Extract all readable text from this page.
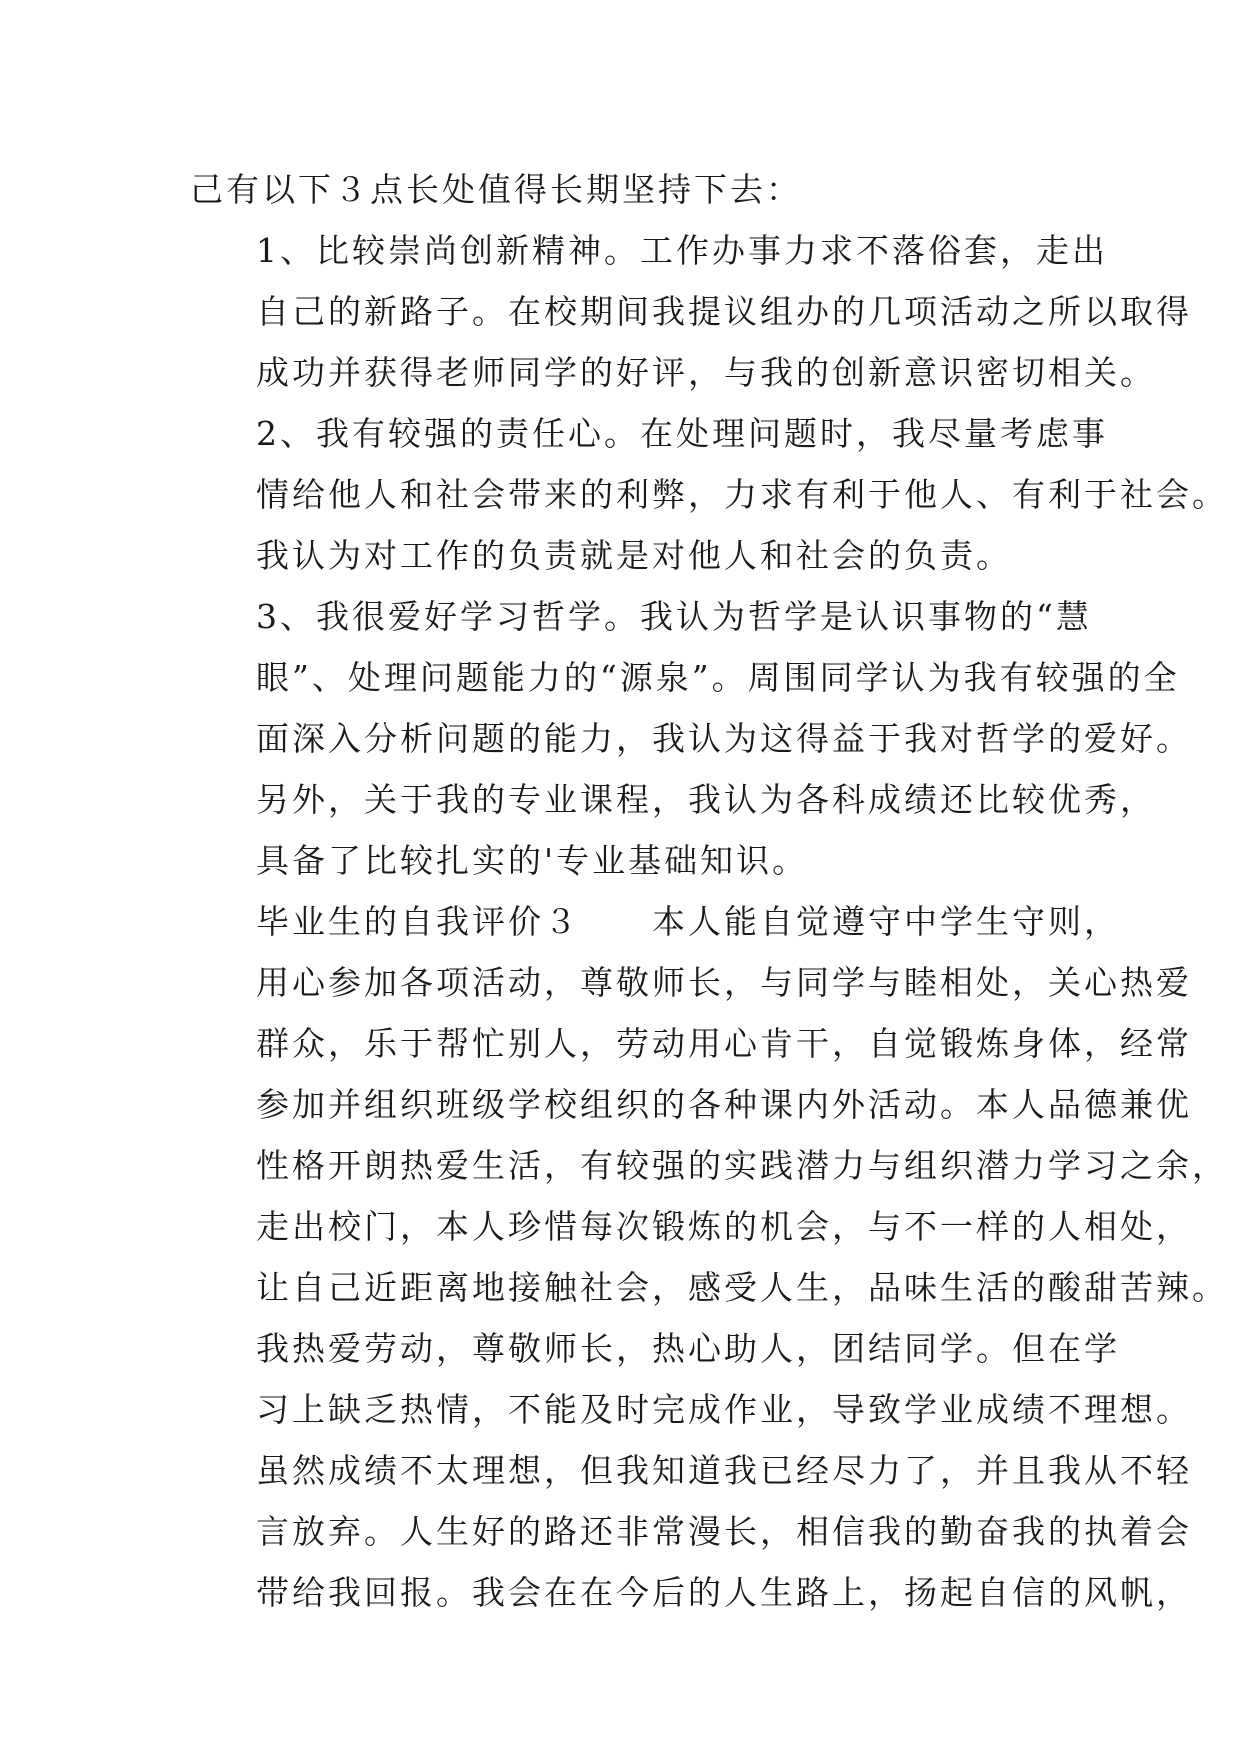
己有以下３点长处值得长期坚持下去：

1、比较崇尚创新精神。工作办事力求不落俗套，走出
自己的新路子。在校期间我提议组办的几项活动之所以取得
成功并获得老师同学的好评，与我的创新意识密切相关。

2、我有较强的责任心。在处理问题时，我尽量考虑事
情给他人和社会带来的利弊，力求有利于他人、有利于社会。
我认为对工作的负责就是对他人和社会的负责。

3、我很爱好学习哲学。我认为哲学是认识事物的“慧
眼”、处理问题能力的“源泉”。周围同学认为我有较强的全
面深入分析问题的能力，我认为这得益于我对哲学的爱好。

另外，关于我的专业课程，我认为各科成绩还比较优秀，
具备了比较扎实的'专业基础知识。

毕业生的自我评价３　　本人能自觉遵守中学生守则，
用心参加各项活动，尊敬师长，与同学与睦相处，关心热爱
群众，乐于帮忙别人，劳动用心肯干，自觉锻炼身体，经常
参加并组织班级学校组织的各种课内外活动。本人品德兼优
性格开朗热爱生活，有较强的实践潜力与组织潜力学习之余，
走出校门，本人珍惜每次锻炼的机会，与不一样的人相处，
让自己近距离地接触社会，感受人生，品味生活的酸甜苦辣。

我热爱劳动，尊敬师长，热心助人，团结同学。但在学
习上缺乏热情，不能及时完成作业，导致学业成绩不理想。
虽然成绩不太理想，但我知道我已经尽力了，并且我从不轻
言放弃。人生好的路还非常漫长，相信我的勤奋我的执着会
带给我回报。我会在在今后的人生路上，扬起自信的风帆，
